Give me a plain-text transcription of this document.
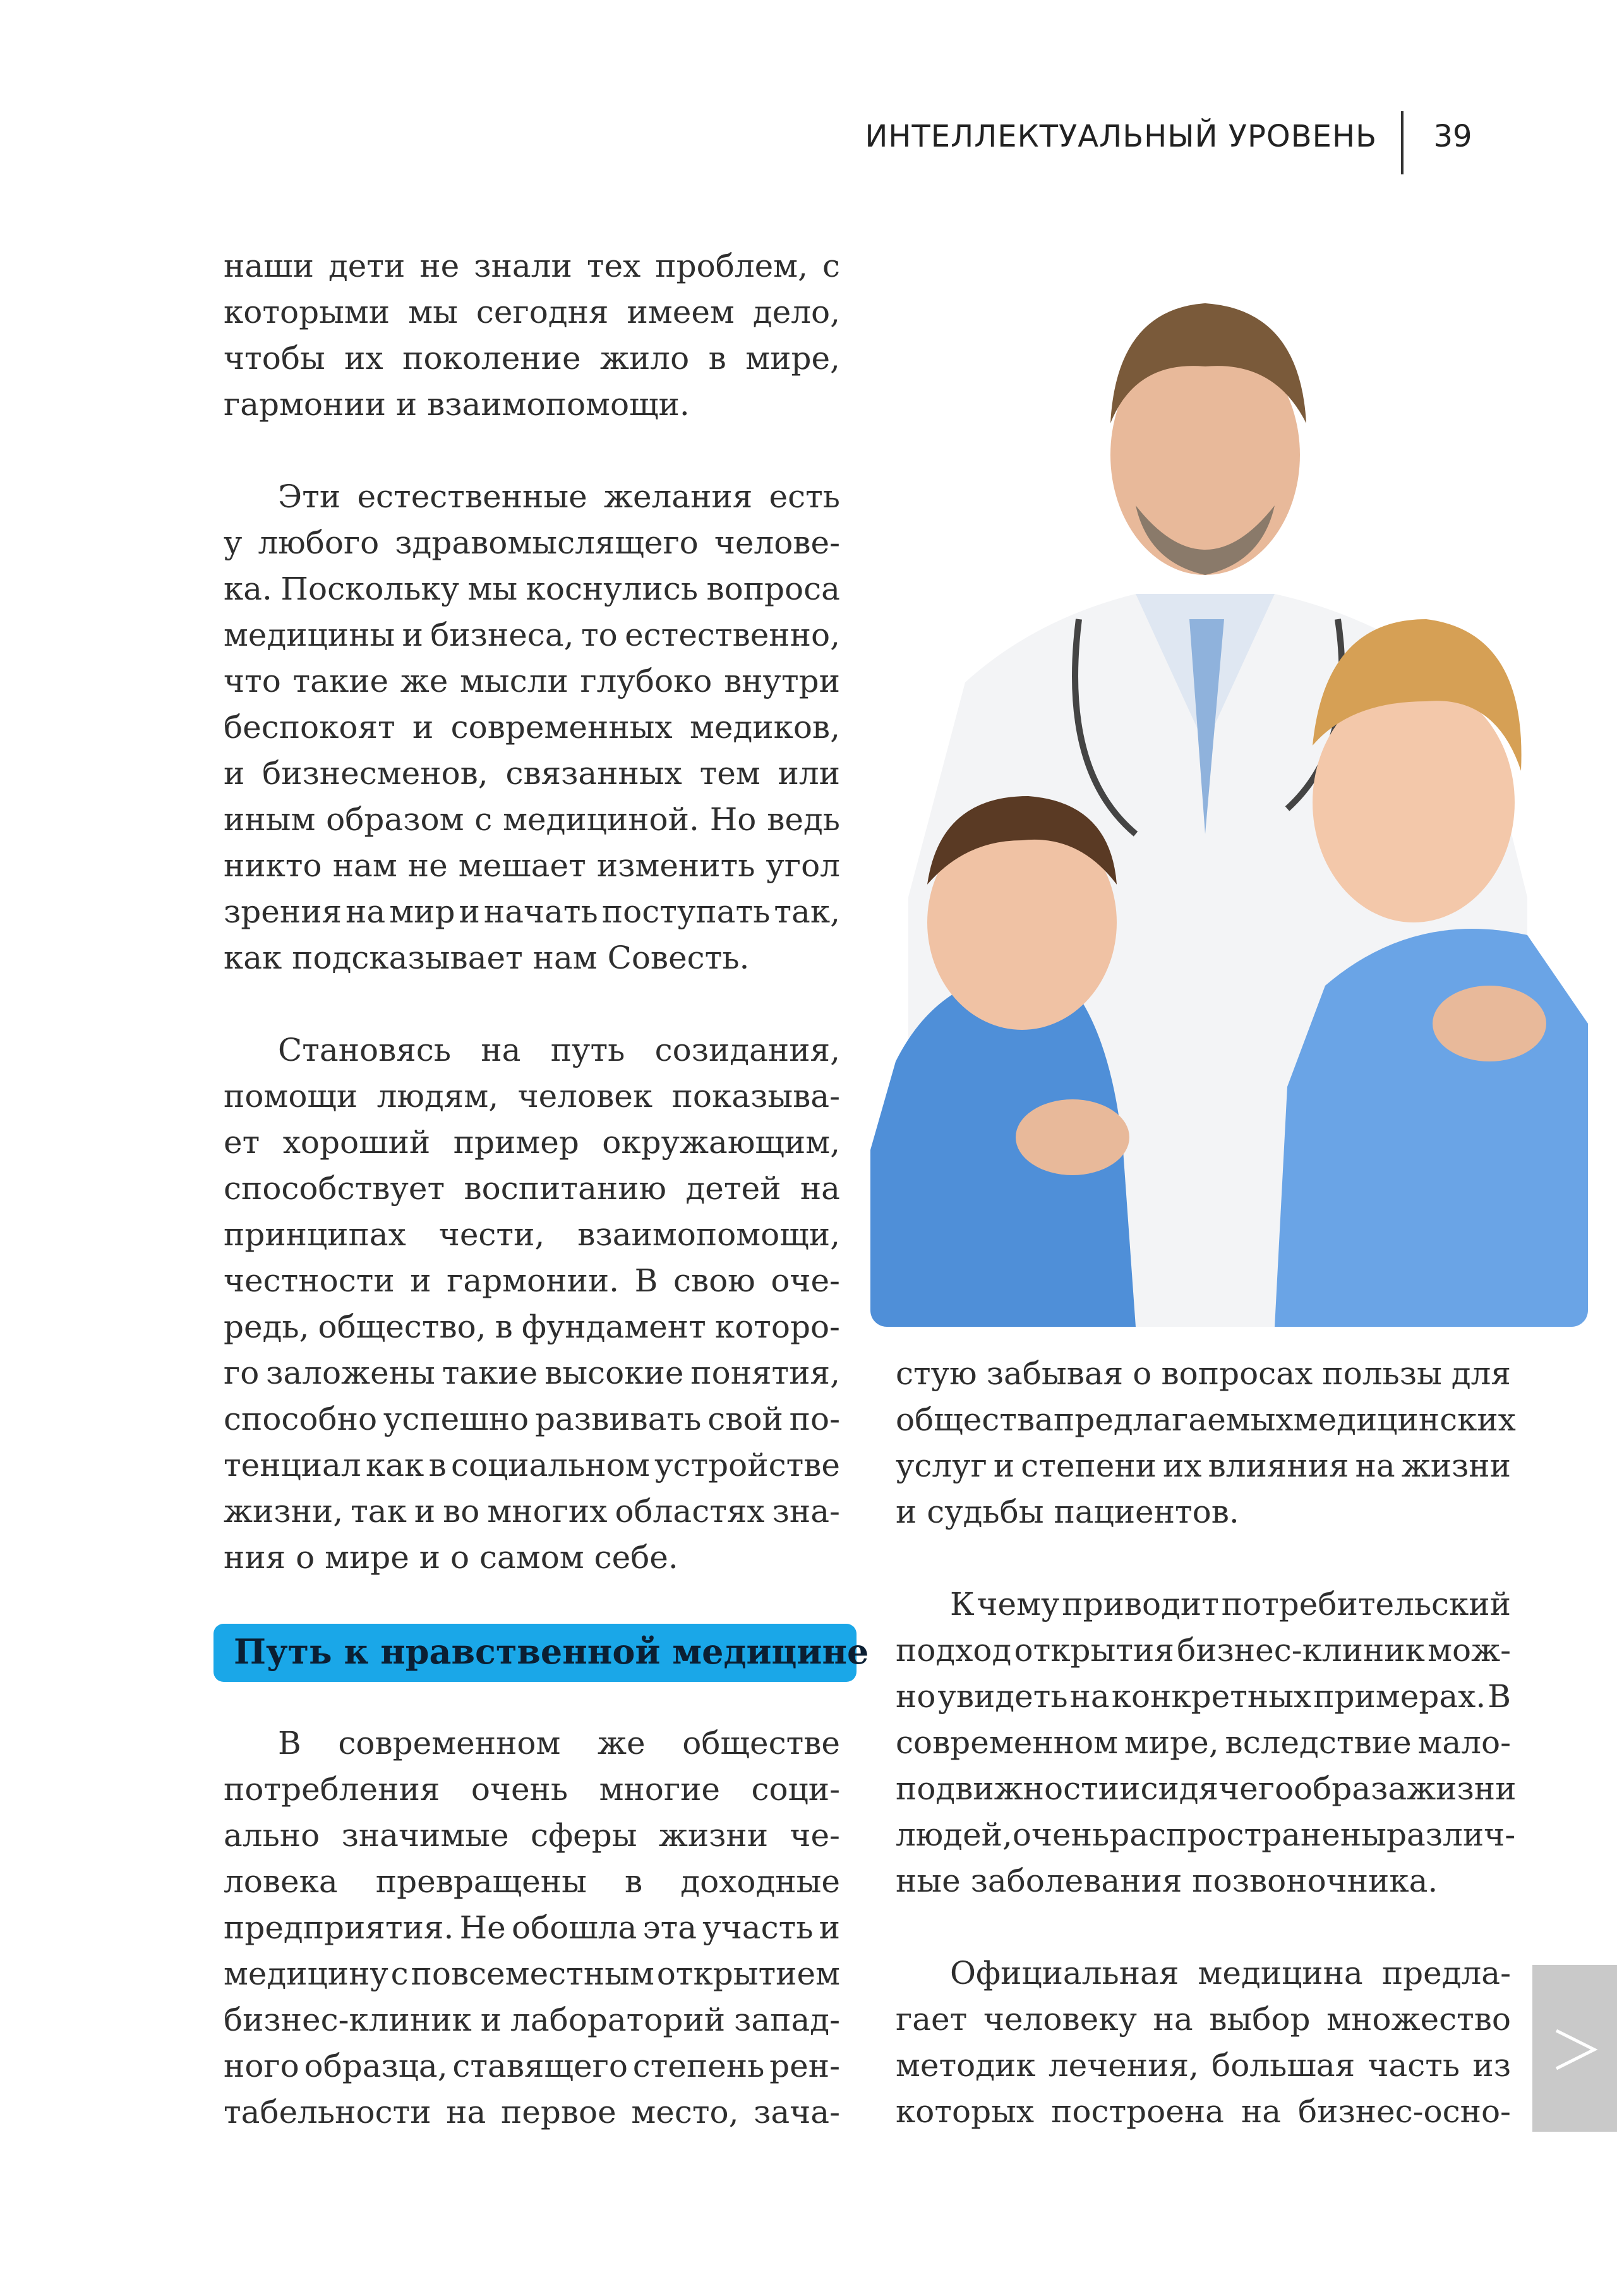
ИНТЕЛЛЕКТУАЛЬНЫЙ УРОВЕНЬ	39
наши дети не знали тех проблем, с
которыми мы сегодня имеем дело,
чтобы их поколение жило в мире,
гармонии и взаимопомощи.
Эти естественные желания есть
у любого здравомыслящего челове-
ка. Поскольку мы коснулись вопроса
медицины и бизнеса, то естественно,
что такие же мысли глубоко внутри
беспокоят и современных медиков,
и бизнесменов, связанных тем или
иным образом с медициной. Но ведь
никто нам не мешает изменить угол
зрения на мир и начать поступать так,
как подсказывает нам Совесть.
Становясь на путь созидания,
помощи людям, человек показыва-
ет хороший пример окружающим,
способствует воспитанию детей на
принципах чести, взаимопомощи,
честности и гармонии. В свою оче-
редь, общество, в фундамент которо-
го заложены такие высокие понятия,
способно успешно развивать свой по-
тенциал как в социальном устройстве
жизни, так и во многих областях зна-
ния о мире и о самом себе.
Путь к нравственной медицине
В современном же обществе
потребления очень многие соци-
ально значимые сферы жизни че-
ловека превращены в доходные
предприятия. Не обошла эта участь и
медицину с повсеместным открытием
бизнес-клиник и лабораторий запад-
ного образца, ставящего степень рен-
табельности на первое место, зача-
стую забывая о вопросах пользы для
общества предлагаемых медицинских
услуг и степени их влияния на жизни
и судьбы пациентов.
К чему приводит потребительский
подход открытия бизнес-клиник мож-
но увидеть на конкретных примерах. В
современном мире, вследствие мало-
подвижности и сидячего образа жизни
людей, очень распространены различ-
ные заболевания позвоночника.
Официальная медицина предла-
гает человеку на выбор множество
методик лечения, большая часть из
которых построена на бизнес-осно-
